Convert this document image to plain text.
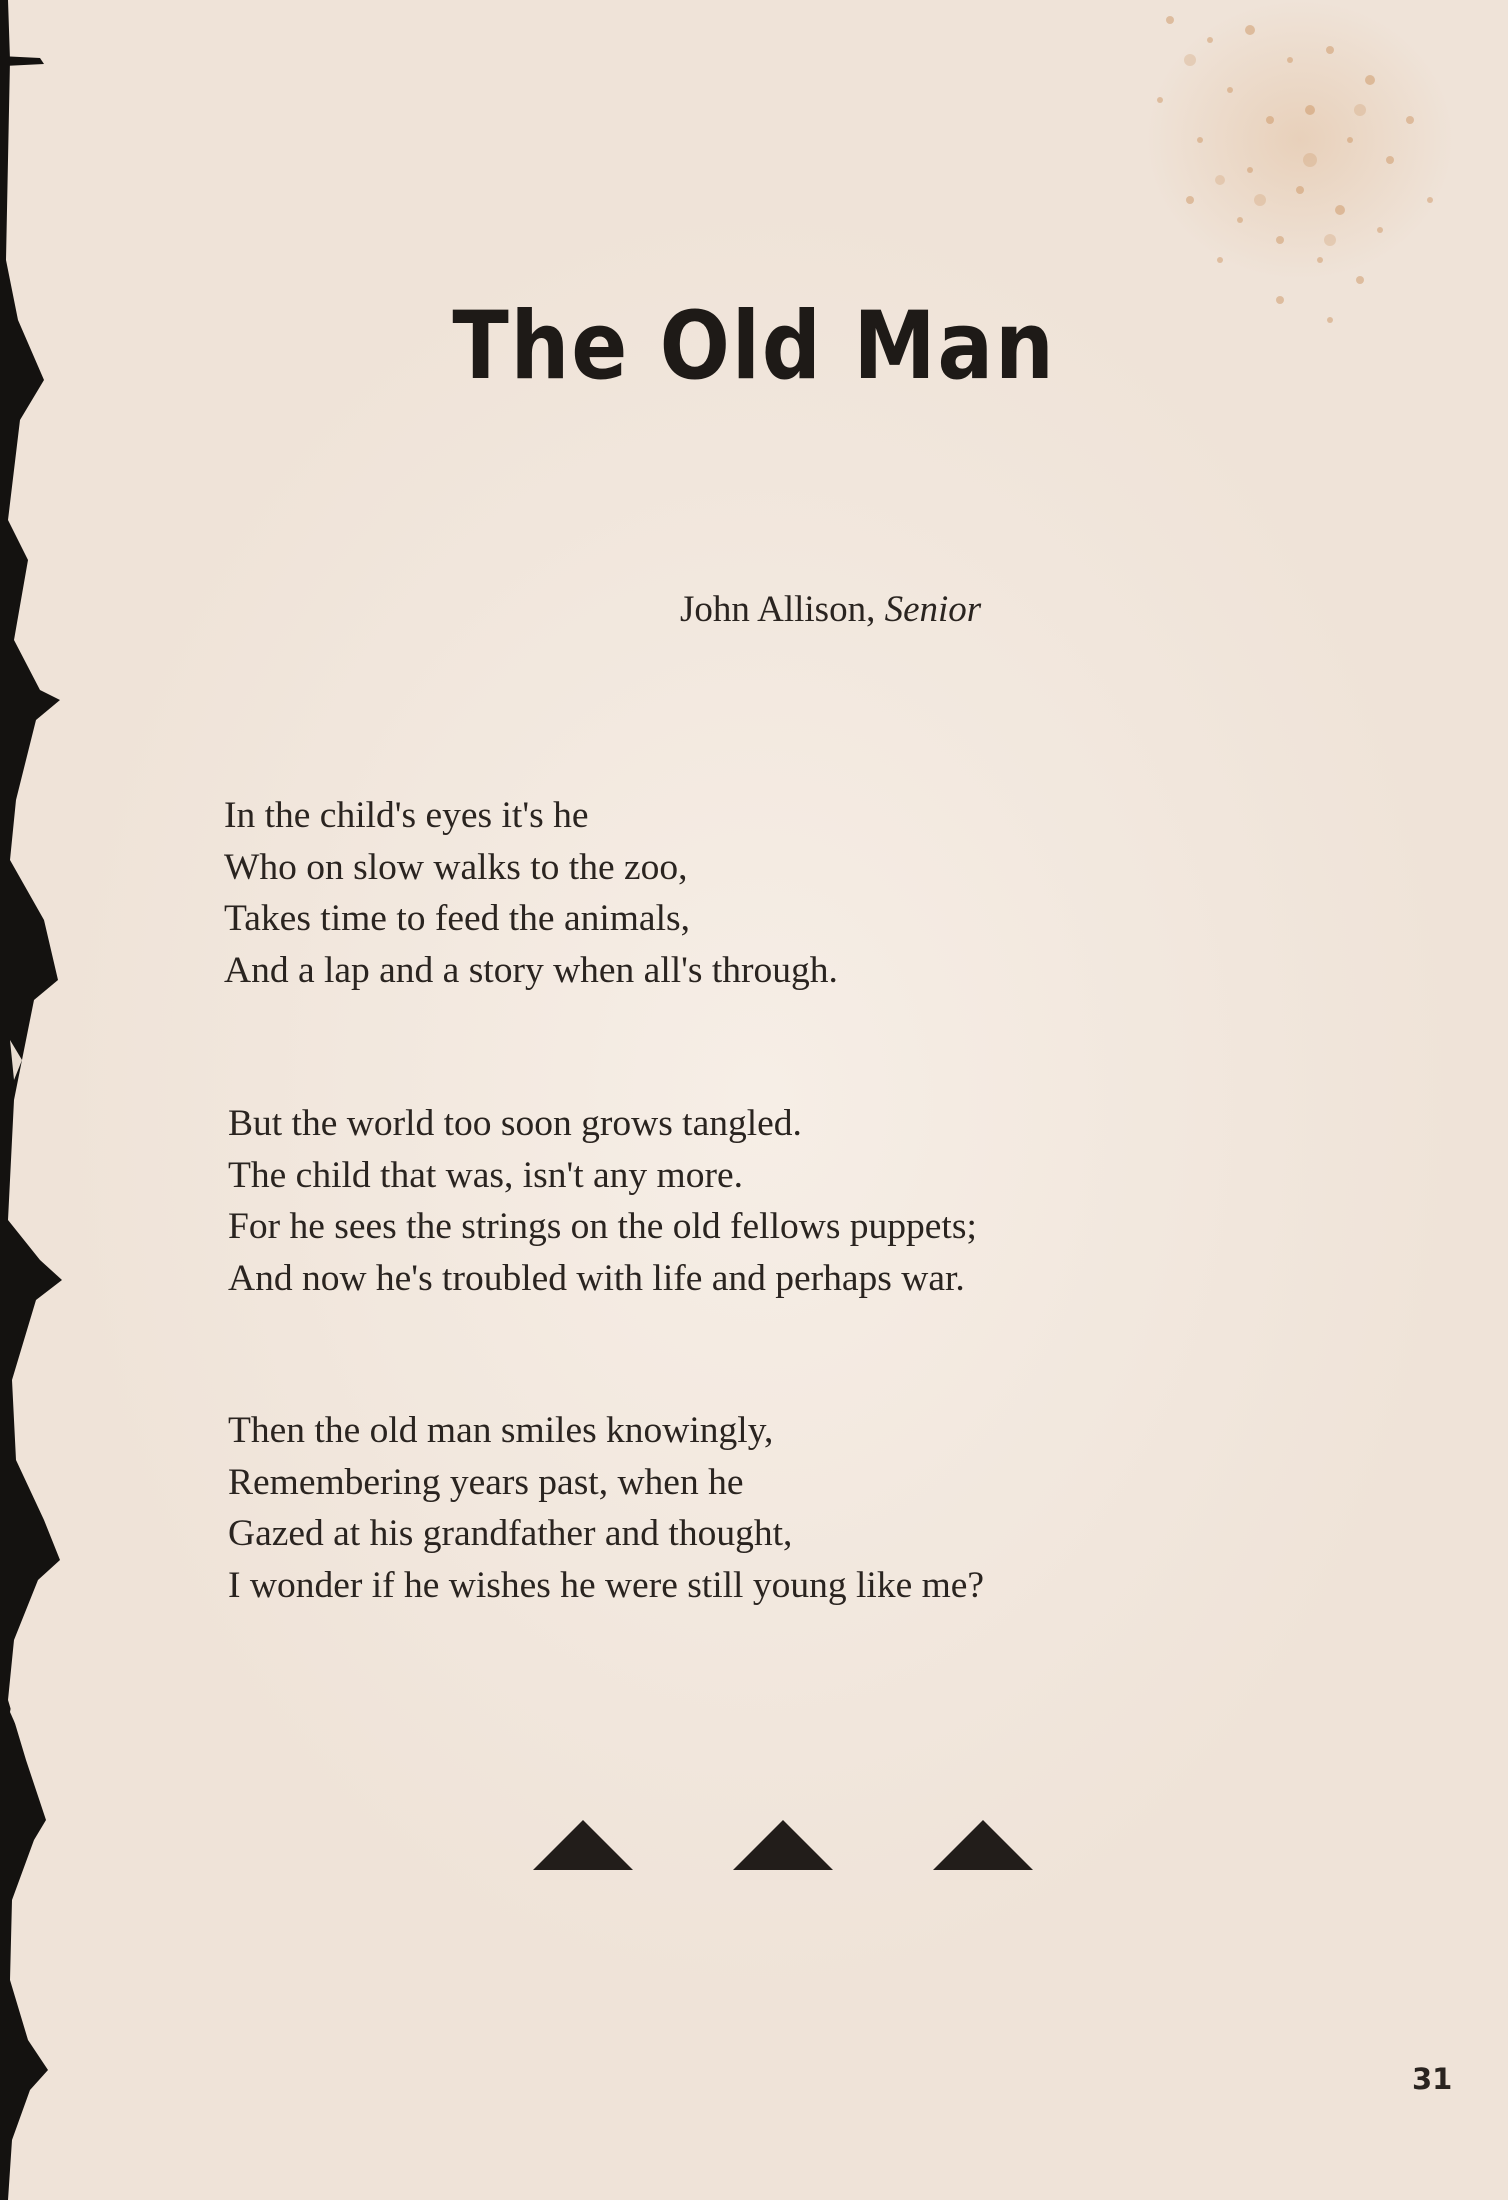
The Old Man
John Allison, Senior
In the child's eyes it's he
Who on slow walks to the zoo,
Takes time to feed the animals,
And a lap and a story when all's through.
But the world too soon grows tangled.
The child that was, isn't any more.
For he sees the strings on the old fellows puppets;
And now he's troubled with life and perhaps war.
Then the old man smiles knowingly,
Remembering years past, when he
Gazed at his grandfather and thought,
I wonder if he wishes he were still young like me?
31
